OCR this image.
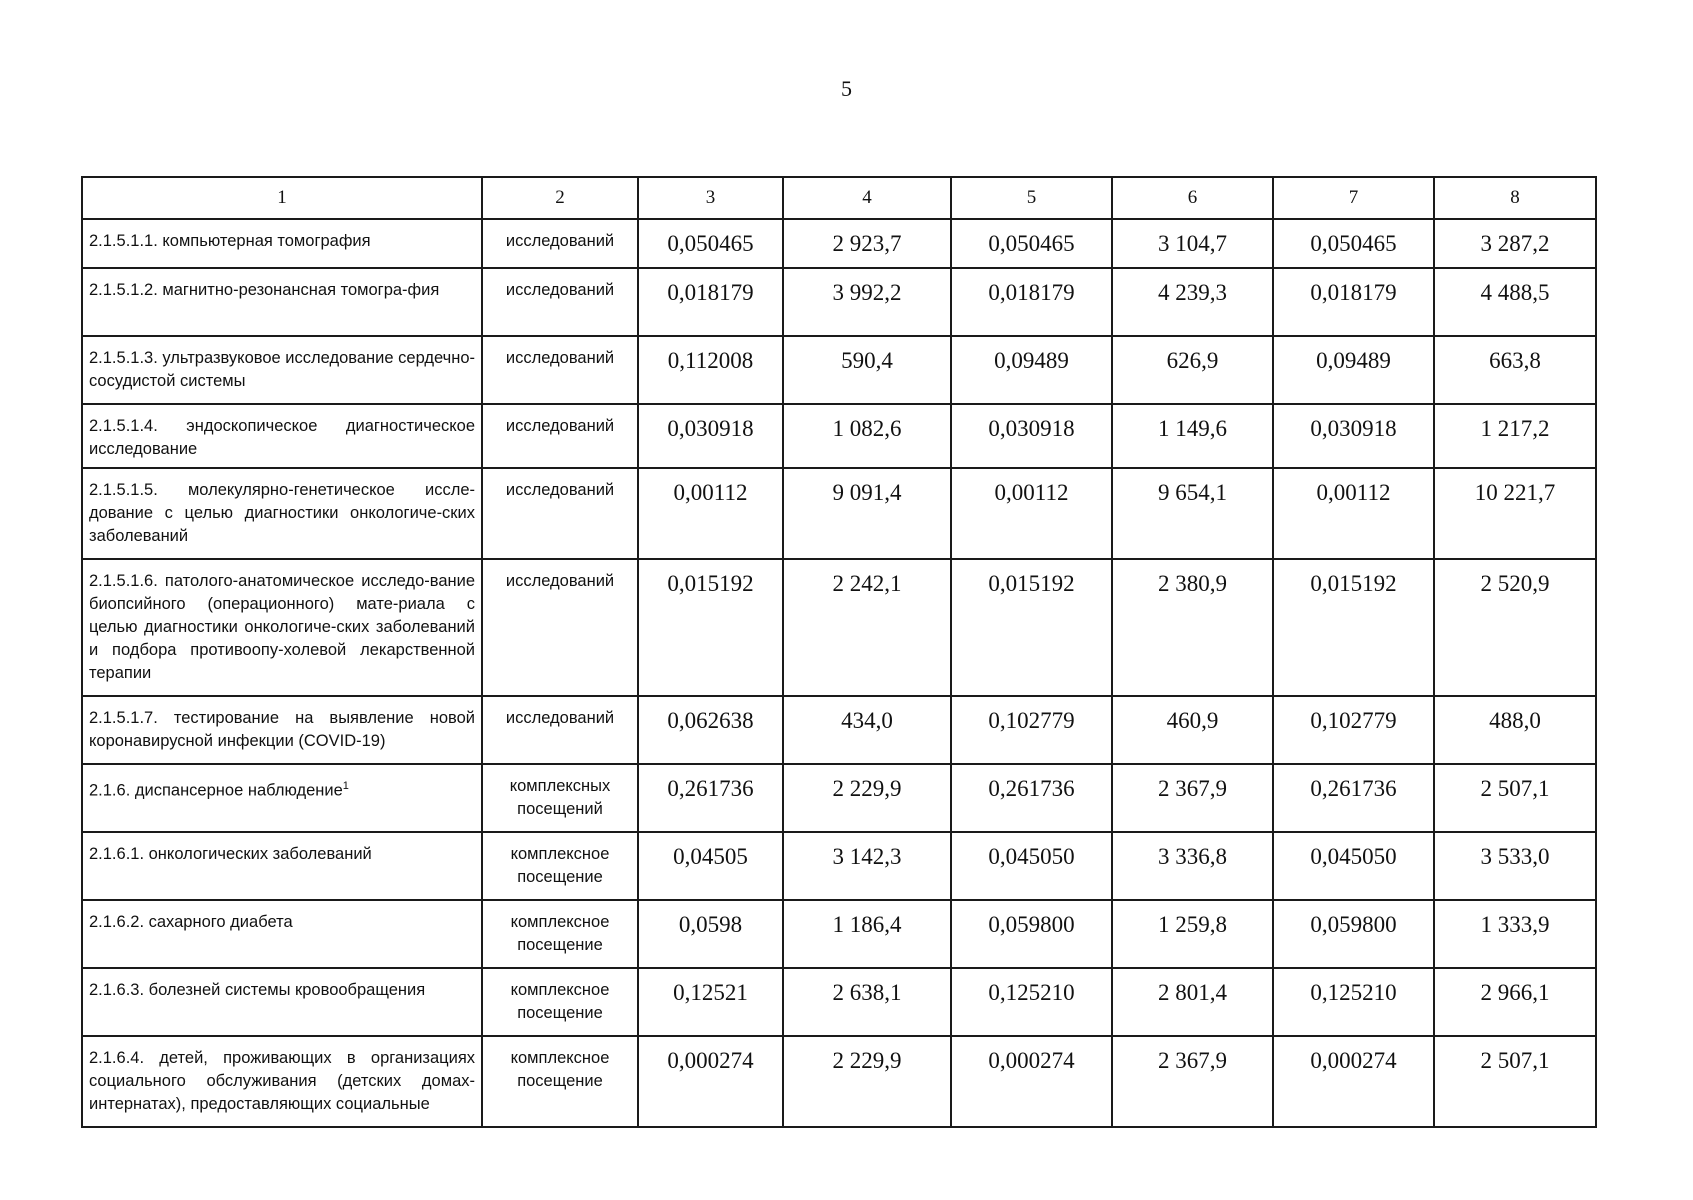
5
1	2	3	4	5	6	7	8
2.1.5.1.1. компьютерная томография	исследований	0,050465	2 923,7	0,050465	3 104,7	0,050465	3 287,2
2.1.5.1.2. магнитно-резонансная томогра-фия	исследований	0,018179	3 992,2	0,018179	4 239,3	0,018179	4 488,5
2.1.5.1.3. ультразвуковое исследование сердечно-сосудистой системы	исследований	0,112008	590,4	0,09489	626,9	0,09489	663,8
2.1.5.1.4. эндоскопическое диагностическое исследование	исследований	0,030918	1 082,6	0,030918	1 149,6	0,030918	1 217,2
2.1.5.1.5. молекулярно-генетическое иссле-дование с целью диагностики онкологиче-ских заболеваний	исследований	0,00112	9 091,4	0,00112	9 654,1	0,00112	10 221,7
2.1.5.1.6. патолого-анатомическое исследо-вание биопсийного (операционного) мате-риала с целью диагностики онкологиче-ских заболеваний и подбора противоопу-холевой лекарственной терапии	исследований	0,015192	2 242,1	0,015192	2 380,9	0,015192	2 520,9
2.1.5.1.7. тестирование на выявление новой коронавирусной инфекции (COVID-19)	исследований	0,062638	434,0	0,102779	460,9	0,102779	488,0
2.1.6. диспансерное наблюдение$^1$	комплексных посещений	0,261736	2 229,9	0,261736	2 367,9	0,261736	2 507,1
2.1.6.1. онкологических заболеваний	комплексное посещение	0,04505	3 142,3	0,045050	3 336,8	0,045050	3 533,0
2.1.6.2. сахарного диабета	комплексное посещение	0,0598	1 186,4	0,059800	1 259,8	0,059800	1 333,9
2.1.6.3. болезней системы кровообращения	комплексное посещение	0,12521	2 638,1	0,125210	2 801,4	0,125210	2 966,1
2.1.6.4. детей, проживающих в организациях социального обслуживания (детских домах-интернатах), предоставляющих социальные	комплексное посещение	0,000274	2 229,9	0,000274	2 367,9	0,000274	2 507,1
